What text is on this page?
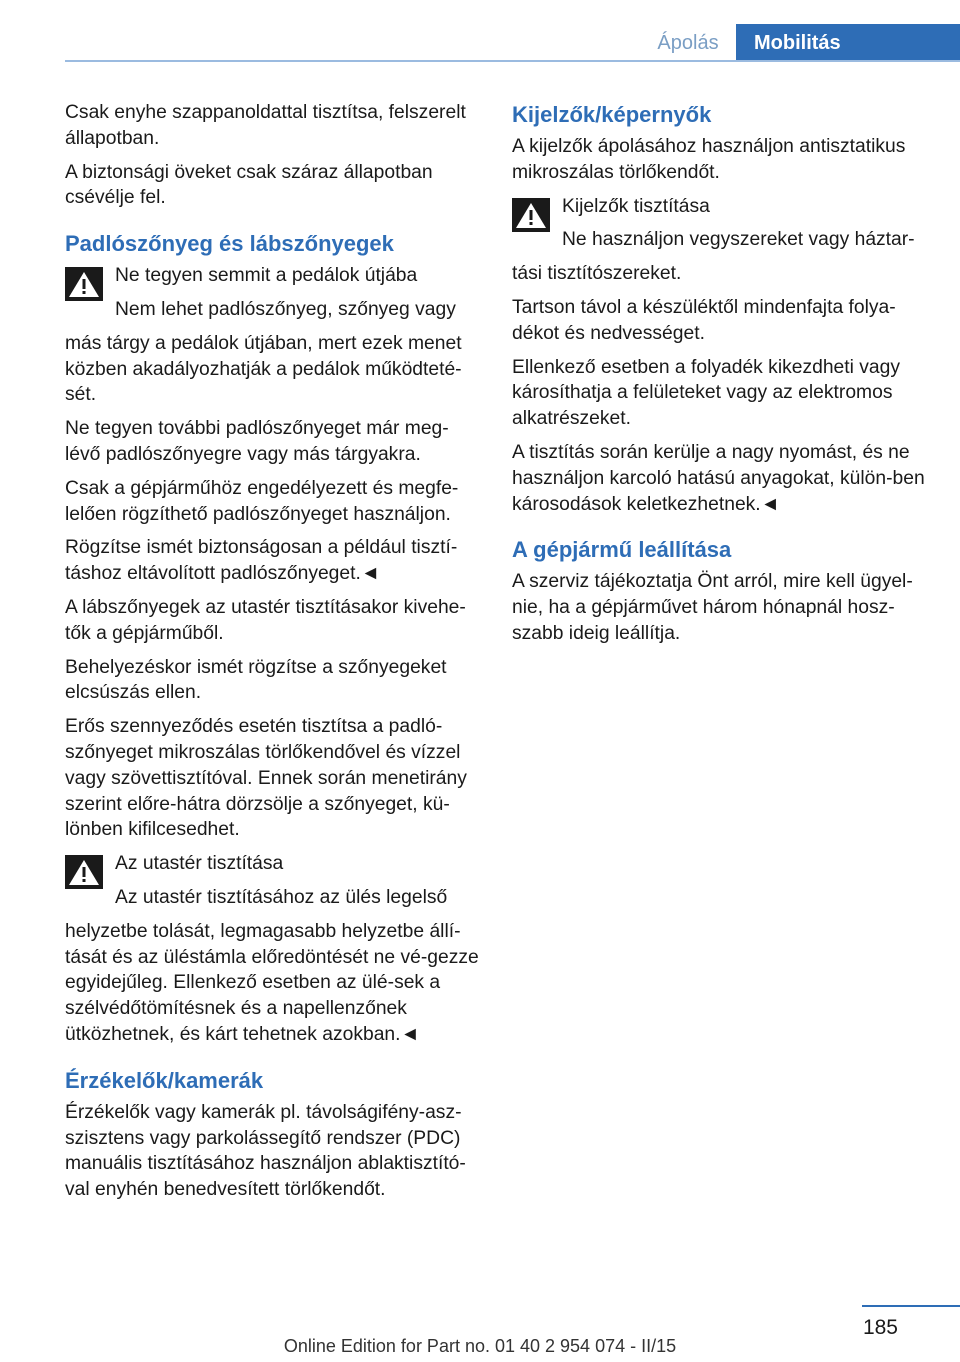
Ápolás	Mobilitás

Csak enyhe szappanoldattal tisztítsa, felszerelt állapotban.

A biztonsági öveket csak száraz állapotban csévélje fel.

Padlószőnyeg és lábszőnyegek

Ne tegyen semmit a pedálok útjába

Nem lehet padlószőnyeg, szőnyeg vagy

más tárgy a pedálok útjában, mert ezek menet közben akadályozhatják a pedálok működteté-sét.

Ne tegyen további padlószőnyeget már meg-lévő padlószőnyegre vagy más tárgyakra.

Csak a gépjárműhöz engedélyezett és megfe-lelően rögzíthető padlószőnyeget használjon.

Rögzítse ismét biztonságosan a például tisztí-táshoz eltávolított padlószőnyeget.◄

A lábszőnyegek az utastér tisztításakor kivehe-tők a gépjárműből.

Behelyezéskor ismét rögzítse a szőnyegeket elcsúszás ellen.

Erős szennyeződés esetén tisztítsa a padló-szőnyeget mikroszálas törlőkendővel és vízzel vagy szövettisztítóval. Ennek során menetirány szerint előre-hátra dörzsölje a szőnyeget, kü-lönben kifilcesedhet.

Az utastér tisztítása

Az utastér tisztításához az ülés legelső

helyzetbe tolását, legmagasabb helyzetbe állí-tását és az üléstámla előredöntését ne vé-gezze egyidejűleg. Ellenkező esetben az ülé-sek a szélvédőtömítésnek és a napellenzőnek ütközhetnek, és kárt tehetnek azokban.◄

Érzékelők/kamerák

Érzékelők vagy kamerák pl. távolságifény-asz-szisztens vagy parkolássegítő rendszer (PDC) manuális tisztításához használjon ablaktisztító-val enyhén benedvesített törlőkendőt.

Kijelzők/képernyők

A kijelzők ápolásához használjon antisztatikus mikroszálas törlőkendőt.

Kijelzők tisztítása

Ne használjon vegyszereket vagy háztar-

tási tisztítószereket.

Tartson távol a készüléktől mindenfajta folya-dékot és nedvességet.

Ellenkező esetben a folyadék kikezdheti vagy károsíthatja a felületeket vagy az elektromos alkatrészeket.

A tisztítás során kerülje a nagy nyomást, és ne használjon karcoló hatású anyagokat, külön-ben károsodások keletkezhetnek.◄

A gépjármű leállítása

A szerviz tájékoztatja Önt arról, mire kell ügyel-nie, ha a gépjárművet három hónapnál hosz-szabb ideig leállítja.

185
Online Edition for Part no. 01 40 2 954 074 - II/15
